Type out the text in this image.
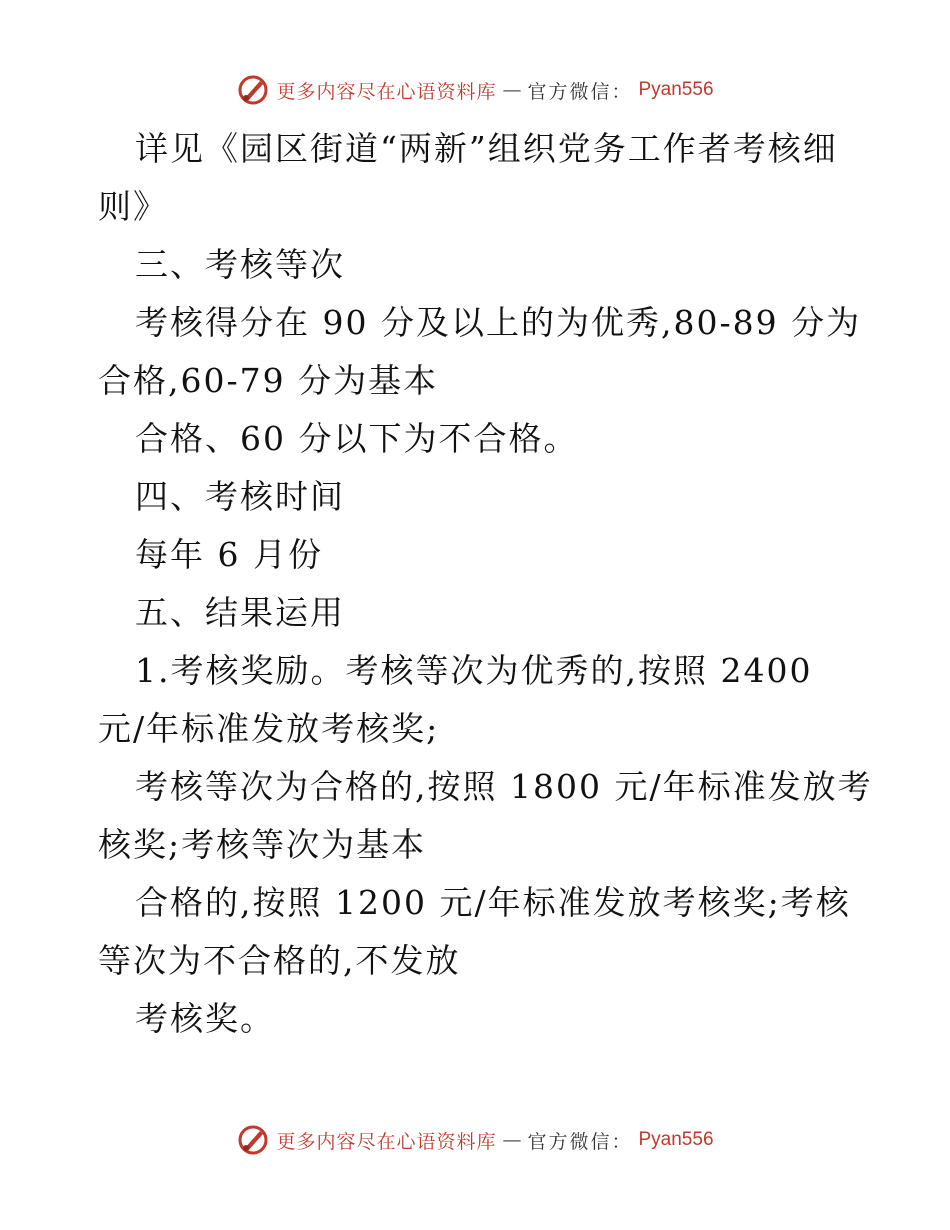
更多内容尽在心语资料库 — 官方微信： Pyan556
详见《园区街道“两新”组织党务工作者考核细
则》
三、考核等次
考核得分在 90 分及以上的为优秀,80-89 分为
合格,60-79 分为基本
合格、60 分以下为不合格。
四、考核时间
每年 6 月份
五、结果运用
1.考核奖励。考核等次为优秀的,按照 2400
元/年标准发放考核奖;
考核等次为合格的,按照 1800 元/年标准发放考
核奖;考核等次为基本
合格的,按照 1200 元/年标准发放考核奖;考核
等次为不合格的,不发放
考核奖。
更多内容尽在心语资料库 — 官方微信： Pyan556
